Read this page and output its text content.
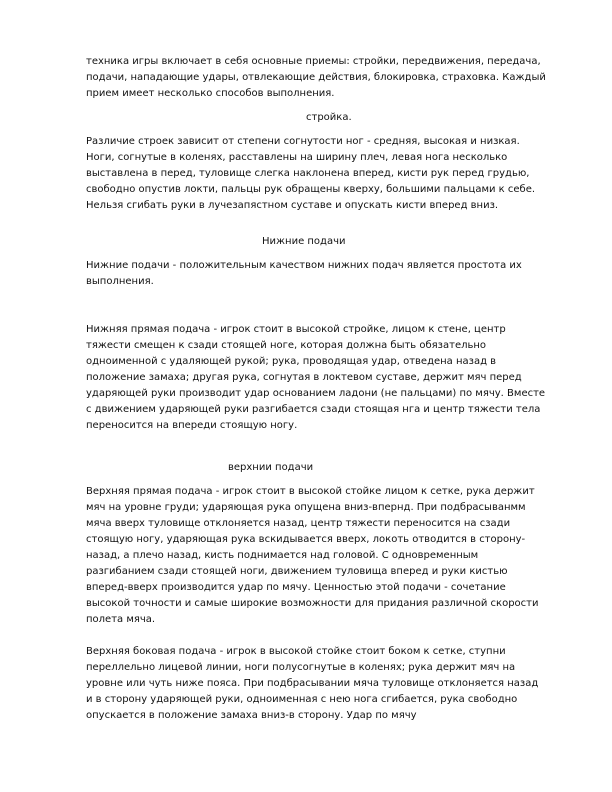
техника игры включает в себя основные приемы: стройки, передвижения, передача, подачи, нападающие удары, отвлекающие действия, блокировка, страховка. Каждый прием имеет несколько способов выполнения.

стройка.

Различие строек зависит от степени согнутости ног - средняя, высокая и низкая. Ноги, согнутые в коленях, расставлены на ширину плеч, левая нога несколько выставлена в перед, туловище слегка наклонена вперед, кисти рук перед грудью, свободно опустив локти, пальцы рук обращены кверху, большими пальцами к себе. Нельзя сгибать руки в лучезапястном суставе и опускать кисти вперед вниз.

Нижние подачи

Нижние подачи - положительным качеством нижних подач является простота их выполнения.

Нижняя прямая подача - игрок стоит в высокой стройке, лицом к стене, центр тяжести смещен к сзади стоящей ноге, которая должна быть обязательно одноименной с удаляющей рукой; рука, проводящая удар, отведена назад в положение замаха; другая рука, согнутая в локтевом суставе, держит мяч перед ударяющей руки производит удар основанием ладони (не пальцами) по мячу. Вместе с движением ударяющей руки разгибается сзади стоящая нга и центр тяжести тела переносится на впереди стоящую ногу.

верхнии подачи

Верхняя прямая подача - игрок стоит в высокой стойке лицом к сетке, рука держит мяч на уровне груди; ударяющая рука опущена вниз-впернд. При подбрасыванмм мяча вверх туловище отклоняется назад, центр тяжести переносится на сзади стоящую ногу, ударяющая рука вскидывается вверх, локоть отводится в сторону-назад, а плечо назад, кисть поднимается над головой. С одновременным разгибанием сзади стоящей ноги, движением туловища вперед и руки кистью вперед-вверх производится удар по мячу. Ценностью этой подачи - сочетание высокой точности и самые широкие возможности для придания различной скорости полета мяча.

Верхняя боковая подача - игрок в высокой стойке стоит боком к сетке, ступни переллельно лицевой линии, ноги полусогнутые в коленях; рука держит мяч на уровне или чуть ниже пояса. При подбрасывании мяча туловище отклоняется назад и в сторону ударяющей руки, одноименная с нею нога сгибается, рука свободно опускается в положение замаха вниз-в сторону. Удар по мячу
